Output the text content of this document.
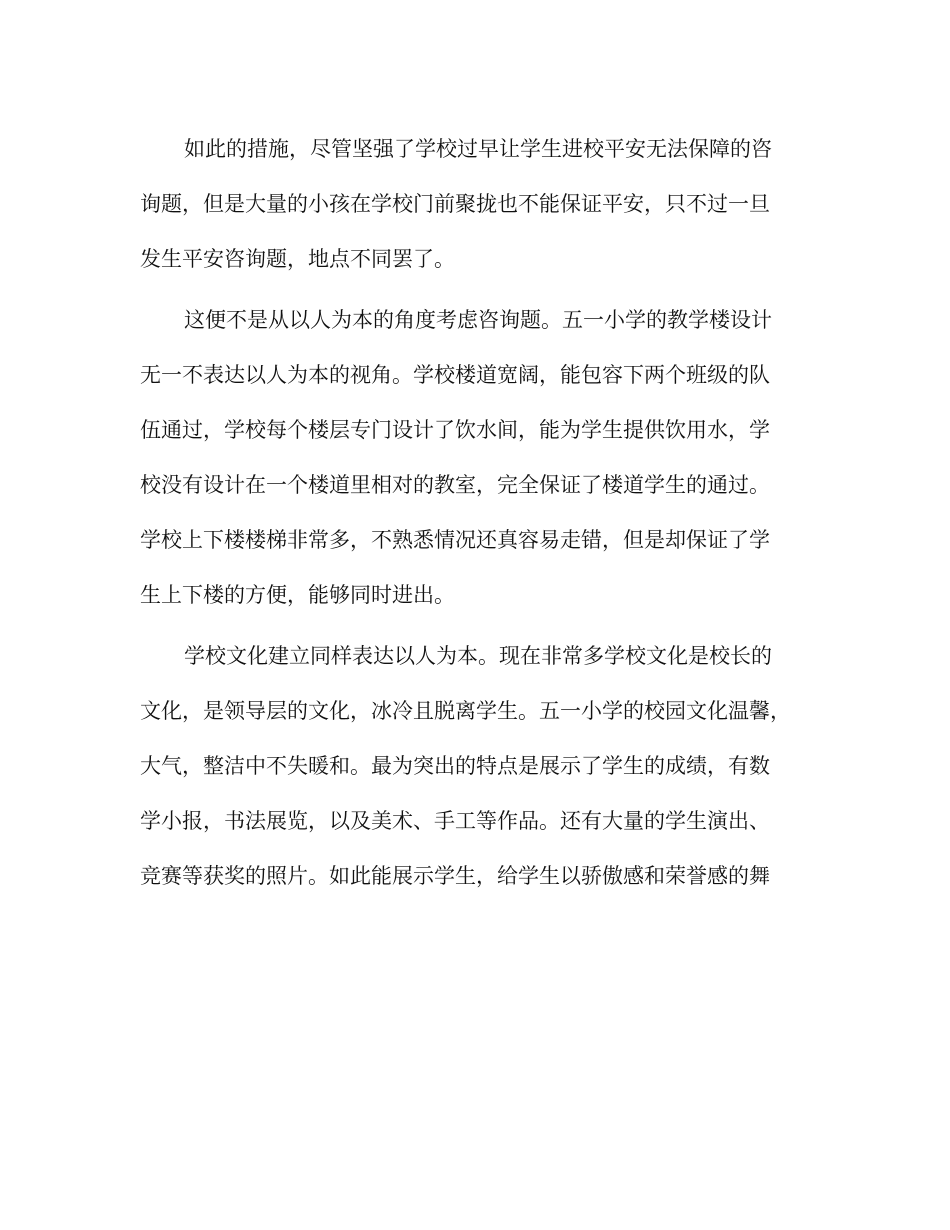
如此的措施，尽管坚强了学校过早让学生进校平安无法保障的咨
询题，但是大量的小孩在学校门前聚拢也不能保证平安，只不过一旦
发生平安咨询题，地点不同罢了。
这便不是从以人为本的角度考虑咨询题。五一小学的教学楼设计
无一不表达以人为本的视角。学校楼道宽阔，能包容下两个班级的队
伍通过，学校每个楼层专门设计了饮水间，能为学生提供饮用水，学
校没有设计在一个楼道里相对的教室，完全保证了楼道学生的通过。
学校上下楼楼梯非常多，不熟悉情况还真容易走错，但是却保证了学
生上下楼的方便，能够同时进出。
学校文化建立同样表达以人为本。现在非常多学校文化是校长的
文化，是领导层的文化，冰冷且脱离学生。五一小学的校园文化温馨，
大气，整洁中不失暖和。最为突出的特点是展示了学生的成绩，有数
学小报，书法展览，以及美术、手工等作品。还有大量的学生演出、
竞赛等获奖的照片。如此能展示学生，给学生以骄傲感和荣誉感的舞
